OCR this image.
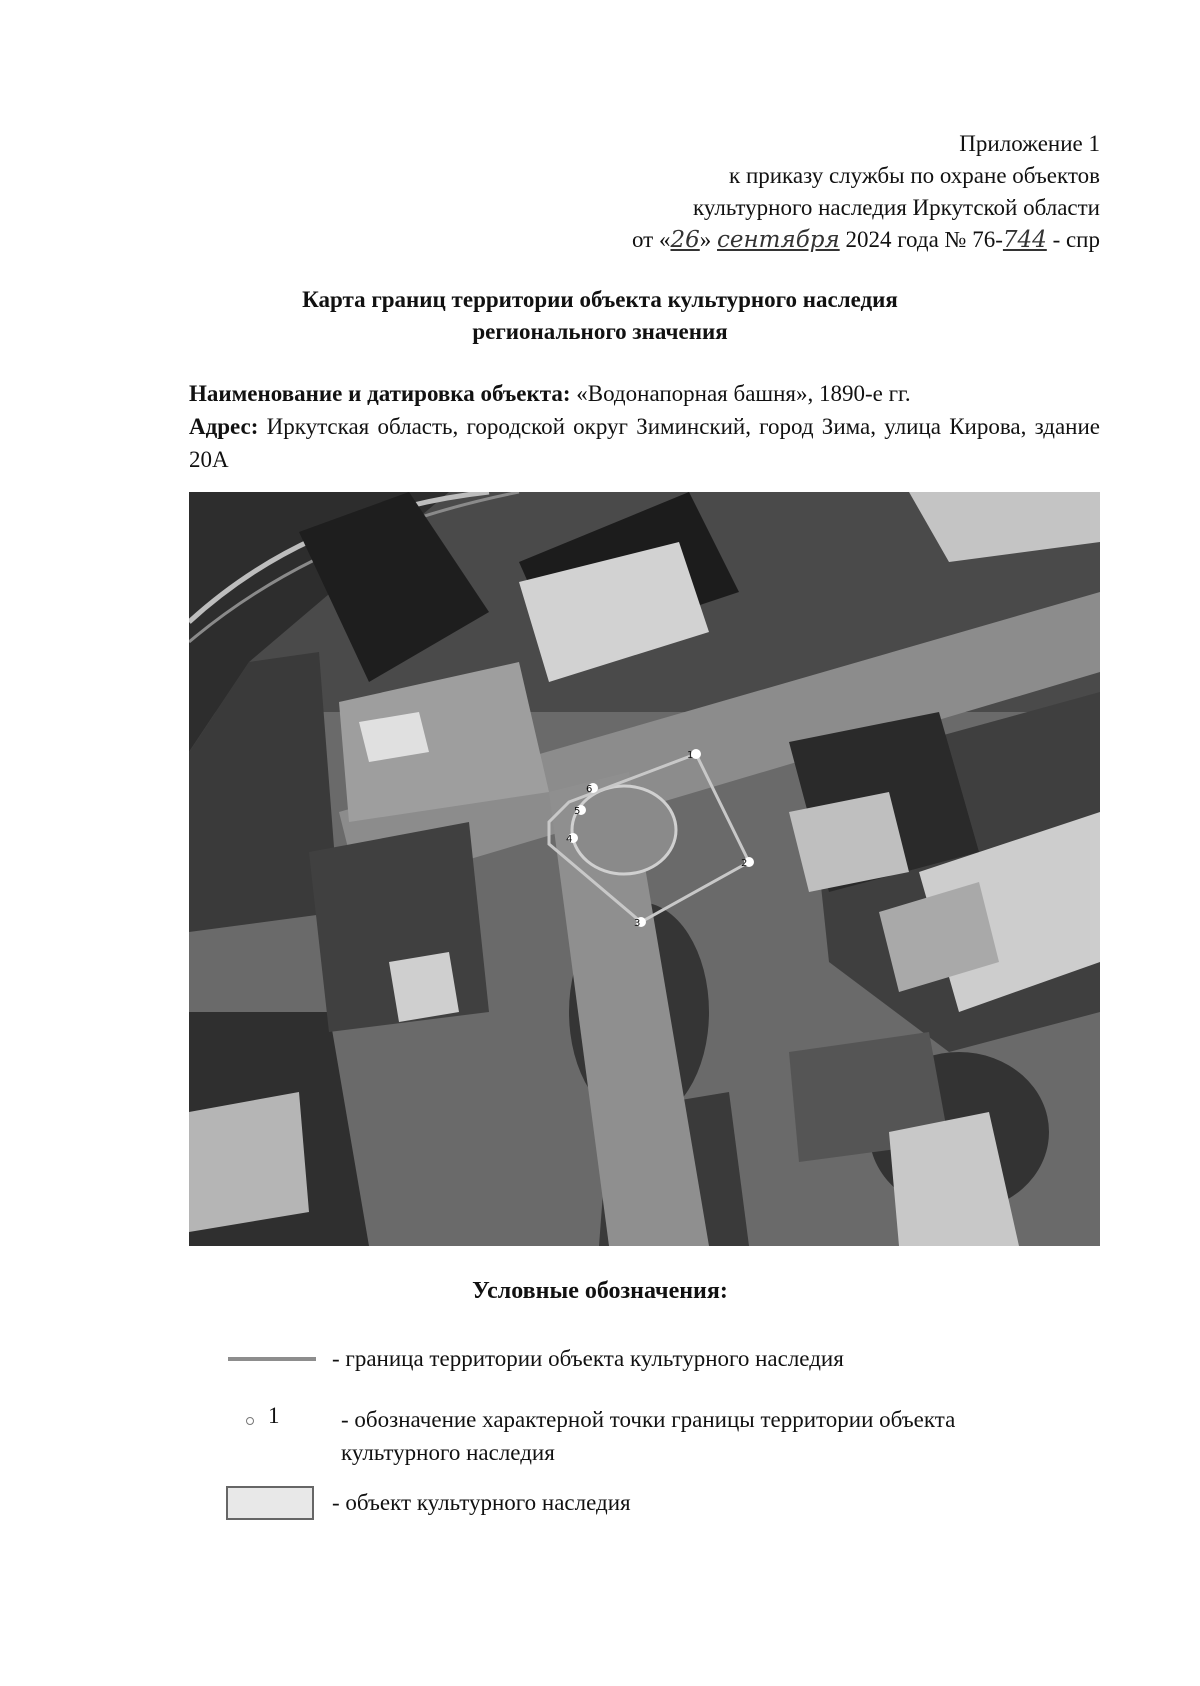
Приложение 1
к приказу службы по охране объектов
культурного наследия Иркутской области
от «26» сентября 2024 года № 76-744 - спр
Карта границ территории объекта культурного наследия
регионального значения
Наименование и датировка объекта: «Водонапорная башня», 1890-е гг.
Адрес: Иркутская область, городской округ Зиминский, город Зима, улица Кирова, здание 20А
1
2
3
4
5
6
Условные обозначения:
- граница территории объекта культурного наследия
1	- обозначение характерной точки границы территории объекта
культурного наследия
- объект культурного наследия
